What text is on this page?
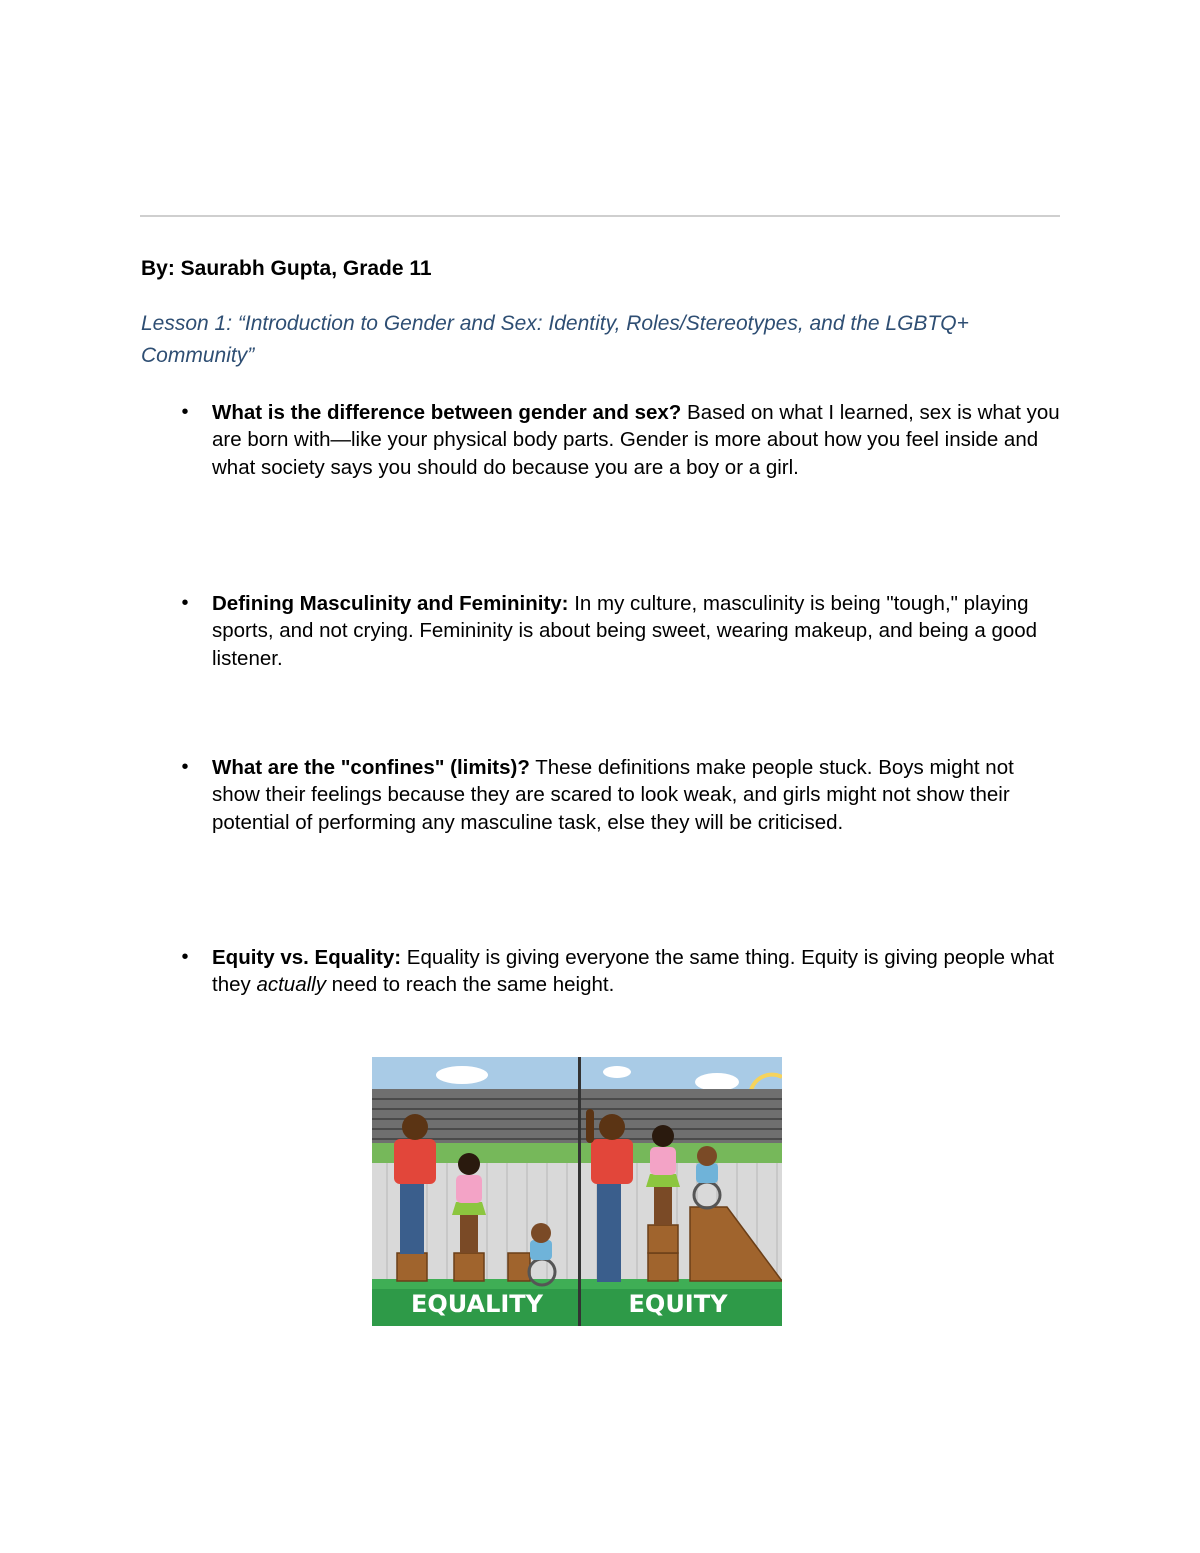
By: Saurabh Gupta, Grade 11
Lesson 1: “Introduction to Gender and Sex: Identity, Roles/Stereotypes, and the LGBTQ+ Community”
•	What is the difference between gender and sex? Based on what I learned, sex is what you are born with—like your physical body parts. Gender is more about how you feel inside and what society says you should do because you are a boy or a girl.
•	Defining Masculinity and Femininity: In my culture, masculinity is being "tough," playing sports, and not crying. Femininity is about being sweet, wearing makeup, and being a good listener.
•	What are the "confines" (limits)? These definitions make people stuck. Boys might not show their feelings because they are scared to look weak, and girls might not show their potential of performing any masculine task, else they will be criticised.
•	Equity vs. Equality: Equality is giving everyone the same thing. Equity is giving people what they actually need to reach the same height.
EQUALITY	EQUITY
